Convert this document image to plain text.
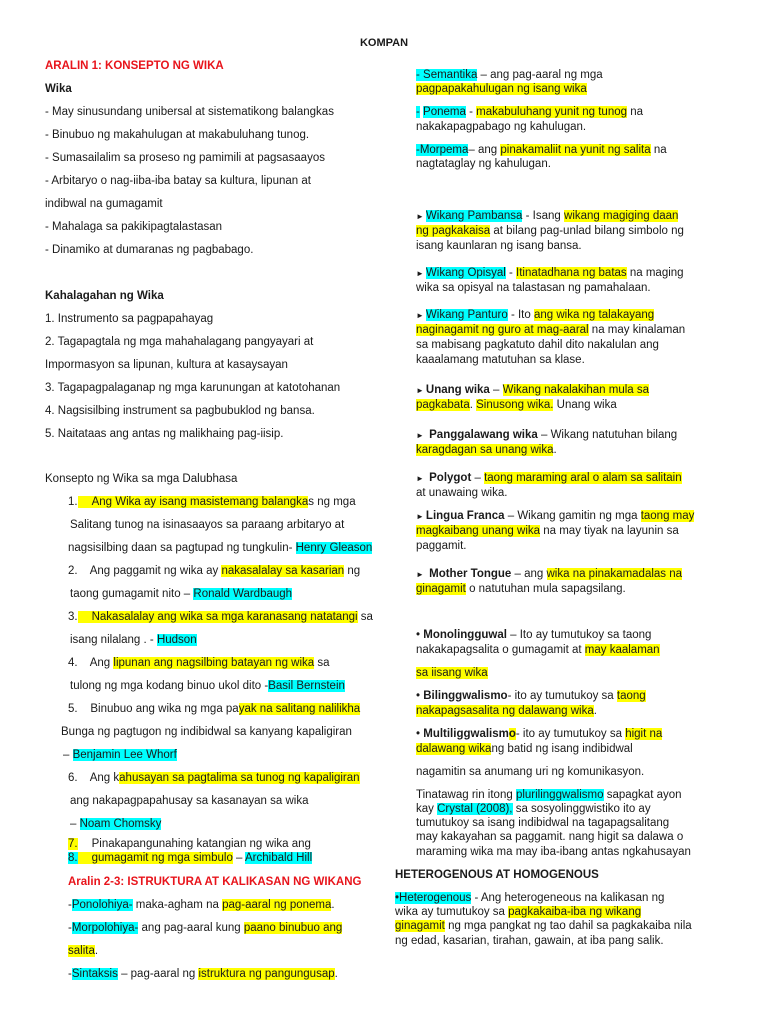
KOMPAN
ARALIN 1: KONSEPTO NG WIKA
Wika
- May sinusundang unibersal at sistematikong balangkas
- Binubuo ng makahulugan at makabuluhang tunog.
- Sumasailalim sa proseso ng pamimili at pagsasaayos
- Arbitaryo o nag-iiba-iba batay sa kultura, lipunan at
indibwal na gumagamit
- Mahalaga sa pakikipagtalastasan
- Dinamiko at dumaranas ng pagbabago.
Kahalagahan ng Wika
1. Instrumento sa pagpapahayag
2. Tagapagtala ng mga mahahalagang pangyayari at
Impormasyon sa lipunan, kultura at kasaysayan
3. Tagapagpalaganap ng mga karunungan at katotohanan
4. Nagsisilbing instrument sa pagbubuklod ng bansa.
5. Naitataas ang antas ng malikhaing pag-iisip.
Konsepto ng Wika sa mga Dalubhasa
1. Ang Wika ay isang masistemang balangkas ng mga
Salitang tunog na isinasaayos sa paraang arbitaryo at
nagsisilbing daan sa pagtupad ng tungkulin- Henry Gleason
2.    Ang paggamit ng wika ay nakasalalay sa kasarian ng
taong gumagamit nito – Ronald Wardbaugh
3. Nakasalalay ang wika sa mga karanasang natatangi sa
isang nilalang . - Hudson
4.    Ang lipunan ang nagsilbing batayan ng wika sa
tulong ng mga kodang binuo ukol dito -Basil Bernstein
5.    Binubuo ang wika ng mga payak na salitang nalilikha
Bunga ng pagtugon ng indibidwal sa kanyang kapaligiran
– Benjamin Lee Whorf
6.    Ang kahusayan sa pagtalima sa tunog ng kapaligiran
ang nakapagpapahusay sa kasanayan sa wika
– Noam Chomsky
7. Pinakapangunahing katangian ng wika ang
8. gumagamit ng mga simbulo – Archibald Hill
Aralin 2-3: ISTRUKTURA AT KALIKASAN NG WIKANG
-Ponolohiya- maka-agham na pag-aaral ng ponema.
-Morpolohiya- ang pag-aaral kung paano binubuo ang
salita.
-Sintaksis – pag-aaral ng istruktura ng pangungusap.
- Semantika – ang pag-aaral ng mga
pagpapakahulugan ng isang wika
- Ponema - makabuluhang yunit ng tunog na
nakakapagpabago ng kahulugan.
-Morpema– ang pinakamaliit na yunit ng salita na
nagtataglay ng kahulugan.
► Wikang Pambansa - Isang wikang magiging daan
ng pagkakaisa at bilang pag-unlad bilang simbolo ng
isang kaunlaran ng isang bansa.
► Wikang Opisyal - Itinatadhana ng batas na maging
wika sa opisyal na talastasan ng pamahalaan.
► Wikang Panturo - Ito ang wika ng talakayang
naginagamit ng guro at mag-aaral na may kinalaman
sa mabisang pagkatuto dahil dito nakalulan ang
kaaalamang matutuhan sa klase.
► Unang wika – Wikang nakalakihan mula sa
pagkabata. Sinusong wika. Unang wika
► Panggalawang wika – Wikang natutuhan bilang
karagdagan sa unang wika.
► Polygot – taong maraming aral o alam sa salitain
at unawaing wika.
► Lingua Franca – Wikang gamitin ng mga taong may
magkaibang unang wika na may tiyak na layunin sa
paggamit.
► Mother Tongue – ang wika na pinakamadalas na
ginagamit o natutuhan mula sapagsilang.
• Monolingguwal – Ito ay tumutukoy sa taong
nakakapagsalita o gumagamit at may kaalaman
sa iisang wika
• Bilinggwalismo- ito ay tumutukoy sa taong
nakapagsasalita ng dalawang wika.
• Multiliggwalismo- ito ay tumutukoy sa higit na
dalawang wikang batid ng isang indibidwal
nagamitin sa anumang uri ng komunikasyon.
Tinatawag rin itong plurilinggwalismo sapagkat ayon
kay Crystal (2008), sa sosyolinggwistiko ito ay
tumutukoy sa isang indibidwal na tagapagsalitang
may kakayahan sa paggamit. nang higit sa dalawa o
maraming wika ma may iba-ibang antas ngkahusayan
HETEROGENOUS AT HOMOGENOUS
•Heterogenous - Ang heterogeneous na kalikasan ng
wika ay tumutukoy sa pagkakaiba-iba ng wikang
ginagamit ng mga pangkat ng tao dahil sa pagkakaiba nila
ng edad, kasarian, tirahan, gawain, at iba pang salik.
